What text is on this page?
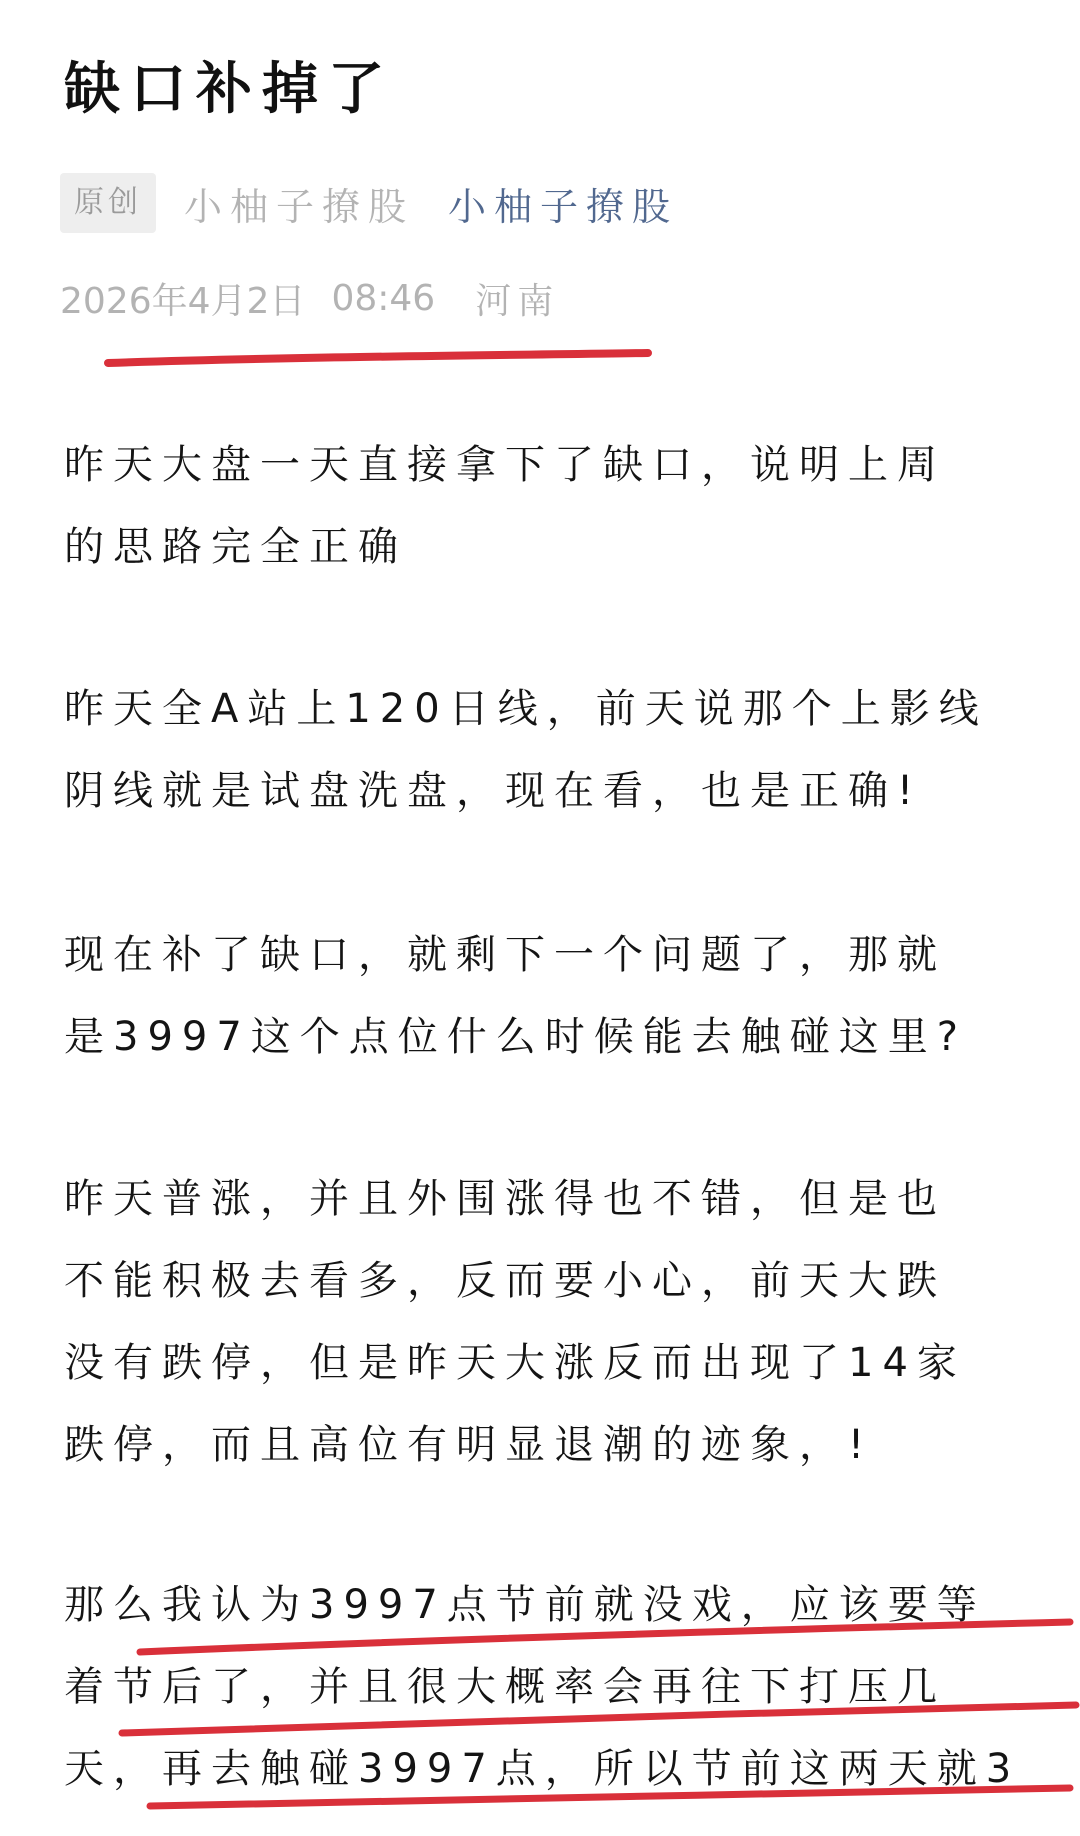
缺口补掉了
原创	小柚子撩股 小柚子撩股
2026年4月2日 08:46 河南
昨天大盘一天直接拿下了缺口，说明上周
的思路完全正确
昨天全A站上120日线，前天说那个上影线
阴线就是试盘洗盘，现在看，也是正确!
现在补了缺口，就剩下一个问题了，那就
是3997这个点位什么时候能去触碰这里?
昨天普涨，并且外围涨得也不错，但是也
不能积极去看多，反而要小心，前天大跌
没有跌停，但是昨天大涨反而出现了14家
跌停，而且高位有明显退潮的迹象，!
那么我认为3997点节前就没戏，应该要等
着节后了，并且很大概率会再往下打压几
天，再去触碰3997点，所以节前这两天就3
